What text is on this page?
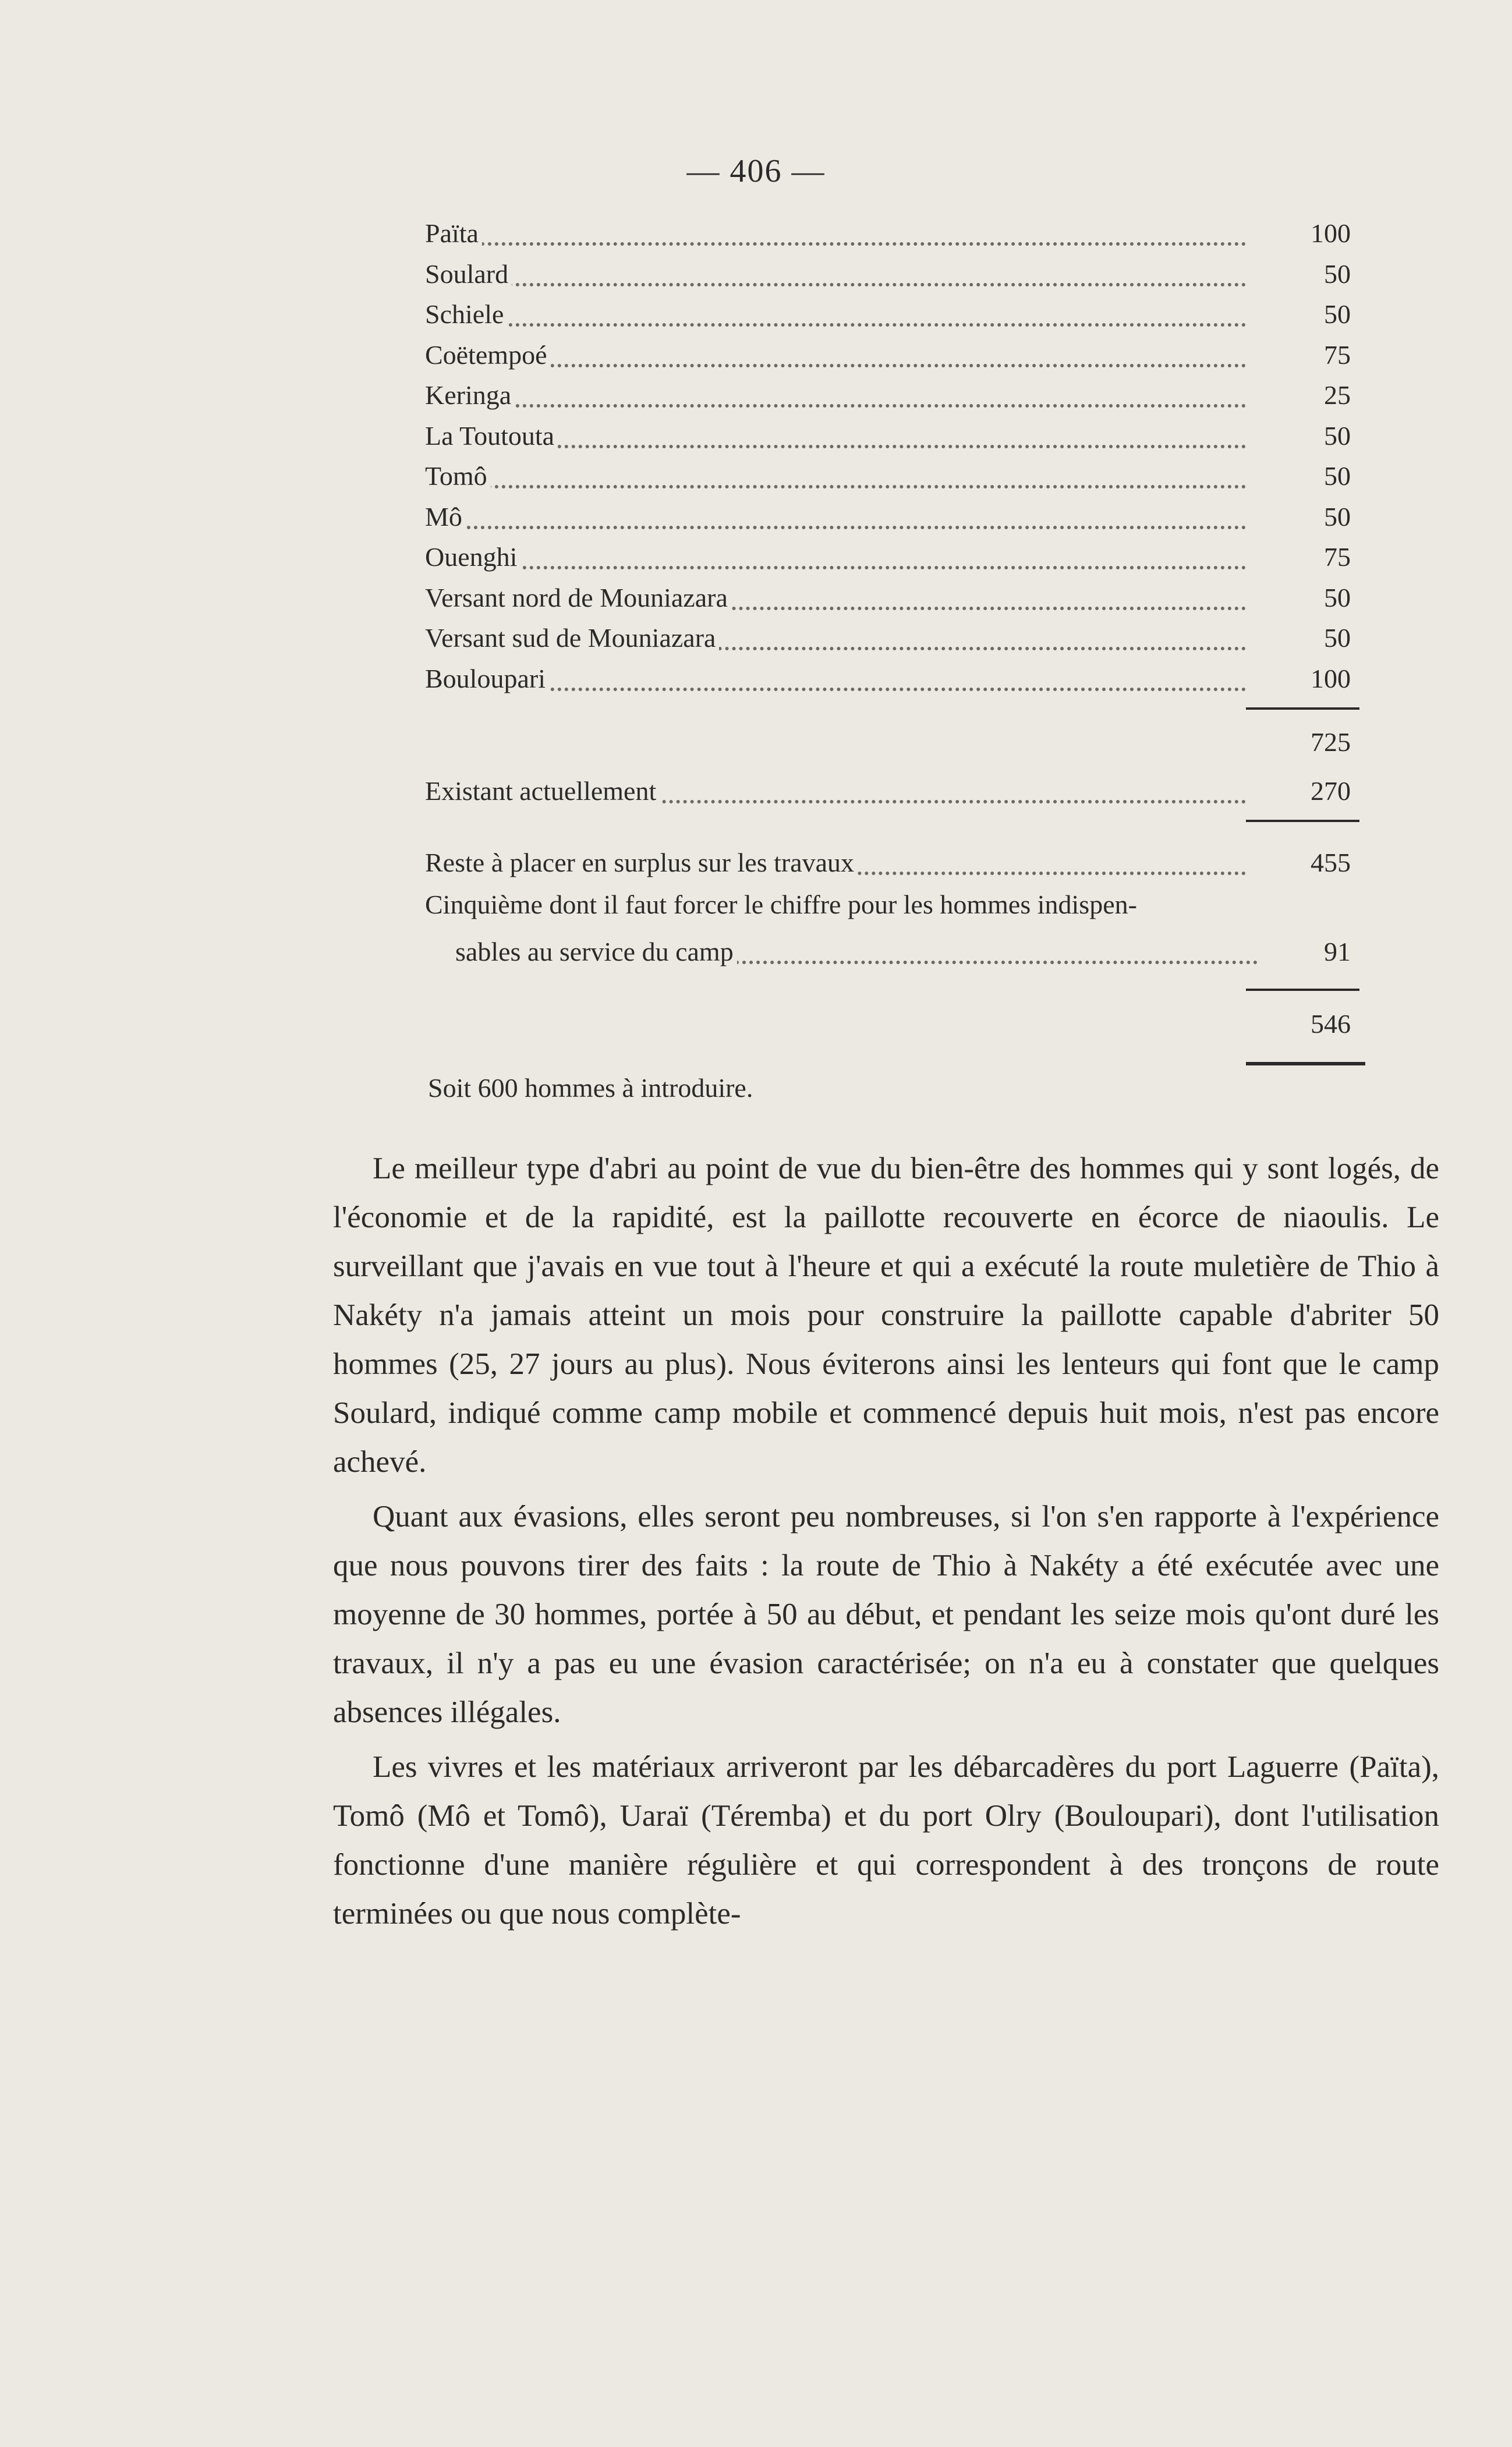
— 406 —
Païta	100
Soulard	50
Schiele	50
Coëtempoé	75
Keringa	25
La Toutouta	50
Tomô	50
Mô	50
Ouenghi	75
Versant nord de Mouniazara	50
Versant sud de Mouniazara	50
Bouloupari	100
725
Existant actuellement	270
Reste à placer en surplus sur les travaux	455
Cinquième dont il faut forcer le chiffre pour les hommes indispen-
sables au service du camp	91
546
Soit 600 hommes à introduire.

Le meilleur type d'abri au point de vue du bien-être des hommes qui y sont logés, de l'économie et de la rapidité, est la paillotte recouverte en écorce de niaoulis. Le surveillant que j'avais en vue tout à l'heure et qui a exécuté la route muletière de Thio à Nakéty n'a jamais atteint un mois pour construire la paillotte capable d'abriter 50 hommes (25, 27 jours au plus). Nous éviterons ainsi les lenteurs qui font que le camp Soulard, indiqué comme camp mobile et commencé depuis huit mois, n'est pas encore achevé.

Quant aux évasions, elles seront peu nombreuses, si l'on s'en rapporte à l'expérience que nous pouvons tirer des faits : la route de Thio à Nakéty a été exécutée avec une moyenne de 30 hommes, portée à 50 au début, et pendant les seize mois qu'ont duré les travaux, il n'y a pas eu une évasion caractérisée; on n'a eu à constater que quelques absences illégales.

Les vivres et les matériaux arriveront par les débarcadères du port Laguerre (Païta), Tomô (Mô et Tomô), Uaraï (Téremba) et du port Olry (Bouloupari), dont l'utilisation fonctionne d'une manière régulière et qui correspondent à des tronçons de route terminées ou que nous complète-
